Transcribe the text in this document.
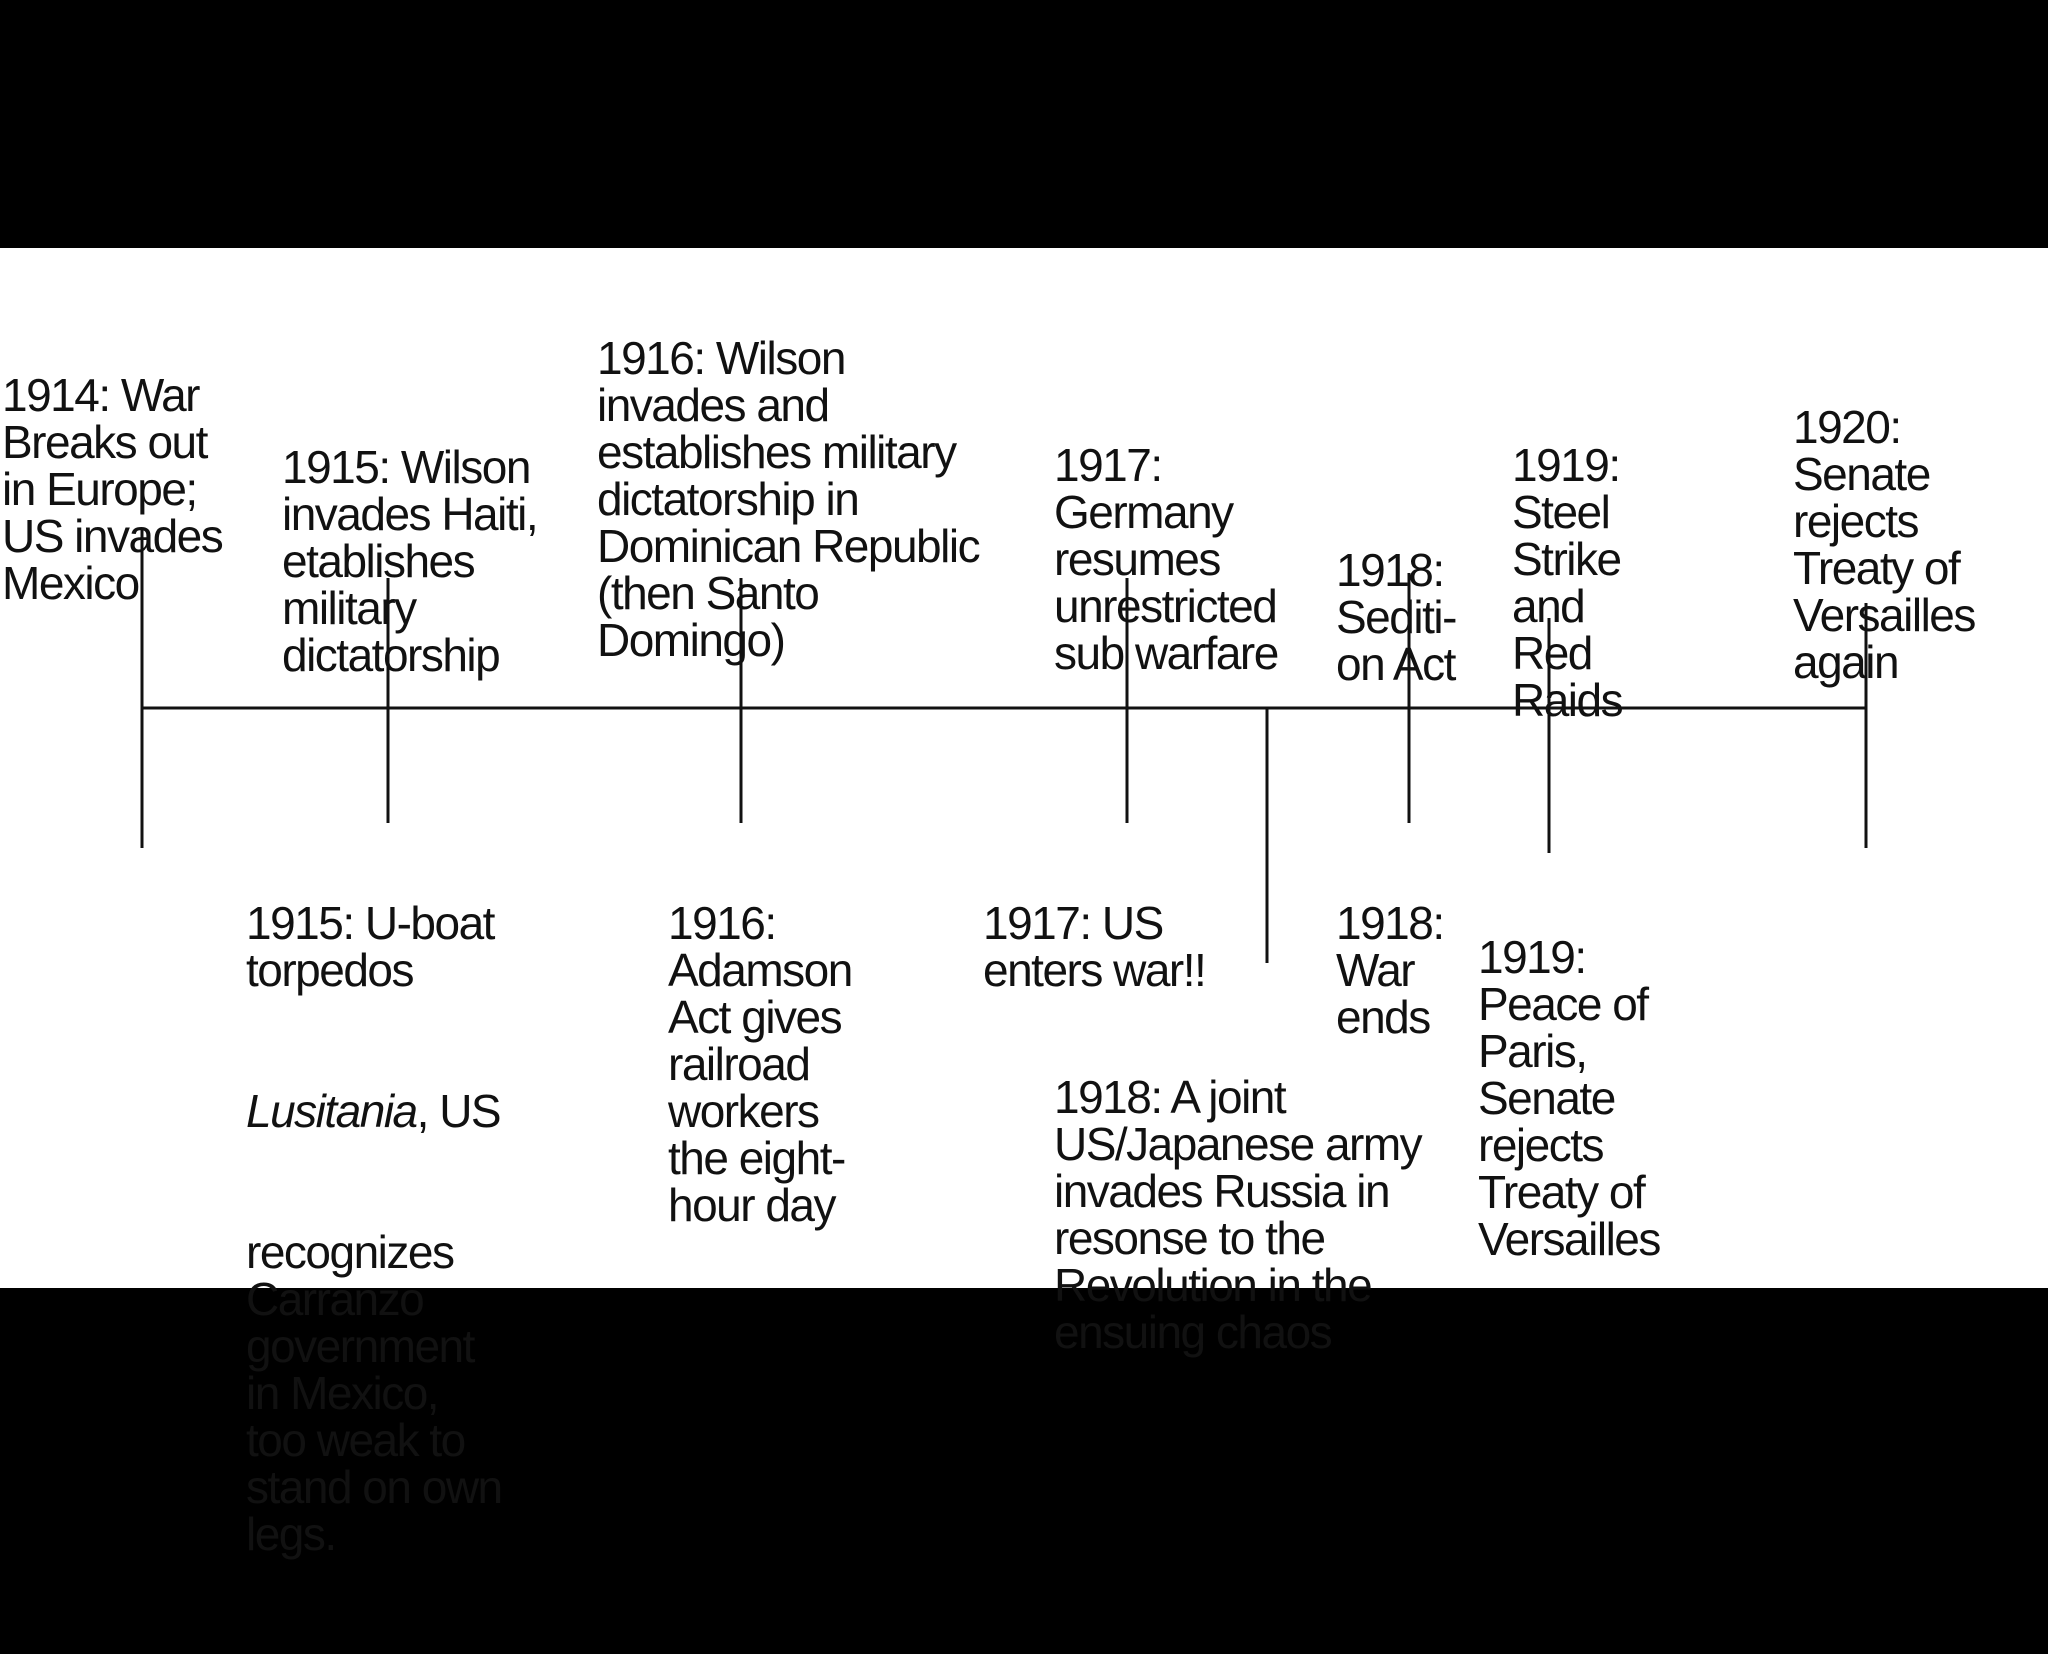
1914: War
Breaks out
in Europe;
US invades
Mexico

1915: Wilson
invades Haiti,
etablishes
military
dictatorship

1916: Wilson
invades and
establishes military
dictatorship in
Dominican Republic
(then Santo
Domingo)

1917:
Germany
resumes
unrestricted
sub warfare

1918:
Sediti-
on Act

1919:
Steel
Strike
and
Red
Raids

1920:
Senate
rejects
Treaty of
Versailles
again

1915: U-boat
torpedos

Lusitania, US

recognizes
Carranzo
government
in Mexico,
too weak to
stand on own
legs.

1916:
Adamson
Act gives
railroad
workers
the eight-
hour day

1917: US
enters war!!

1918: A joint
US/Japanese army
invades Russia in
resonse to the
Revolution in the
ensuing chaos

1918:
War
ends

1919:
Peace of
Paris,
Senate
rejects
Treaty of
Versailles
